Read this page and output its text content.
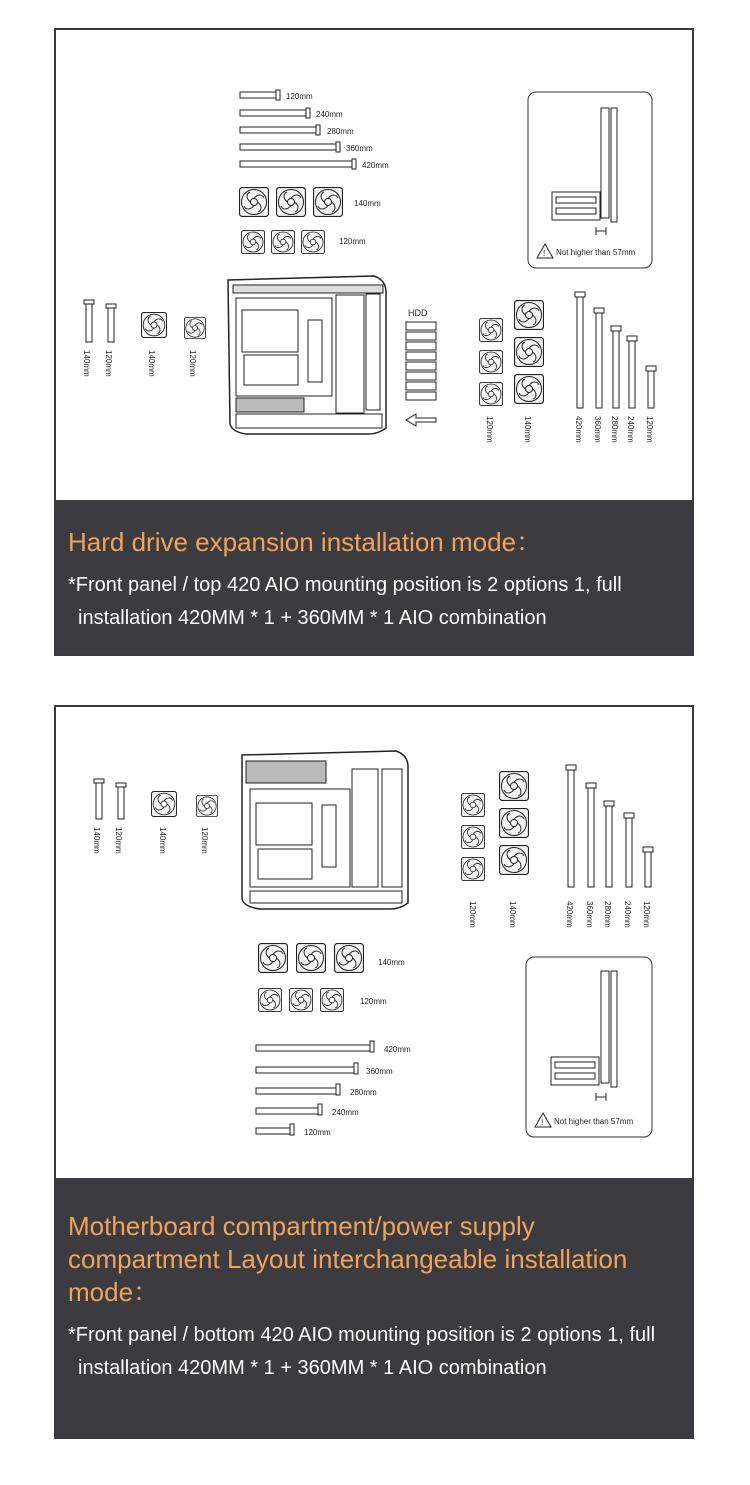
120mm
240mm
280mm
360mm
420mm
140mm
120mm
! Not higher than 57mm
140mm 120mm	140mm	120mm
HDD
120mm	140mm	420mm 360mm 280mm 240mm 120mm

Hard drive expansion installation mode：

*Front panel / top 420 AIO mounting position is 2 options 1, full installation 420MM * 1 + 360MM * 1 AIO combination

140mm 120mm	140mm	120mm
120mm	140mm	420mm 360mm 280mm 240mm 120mm
140mm
120mm
420mm
360mm
280mm
240mm
120mm
! Not higher than 57mm

Motherboard compartment/power supply compartment Layout interchangeable installation mode：

*Front panel / bottom 420 AIO mounting position is 2 options 1, full installation 420MM * 1 + 360MM * 1 AIO combination
